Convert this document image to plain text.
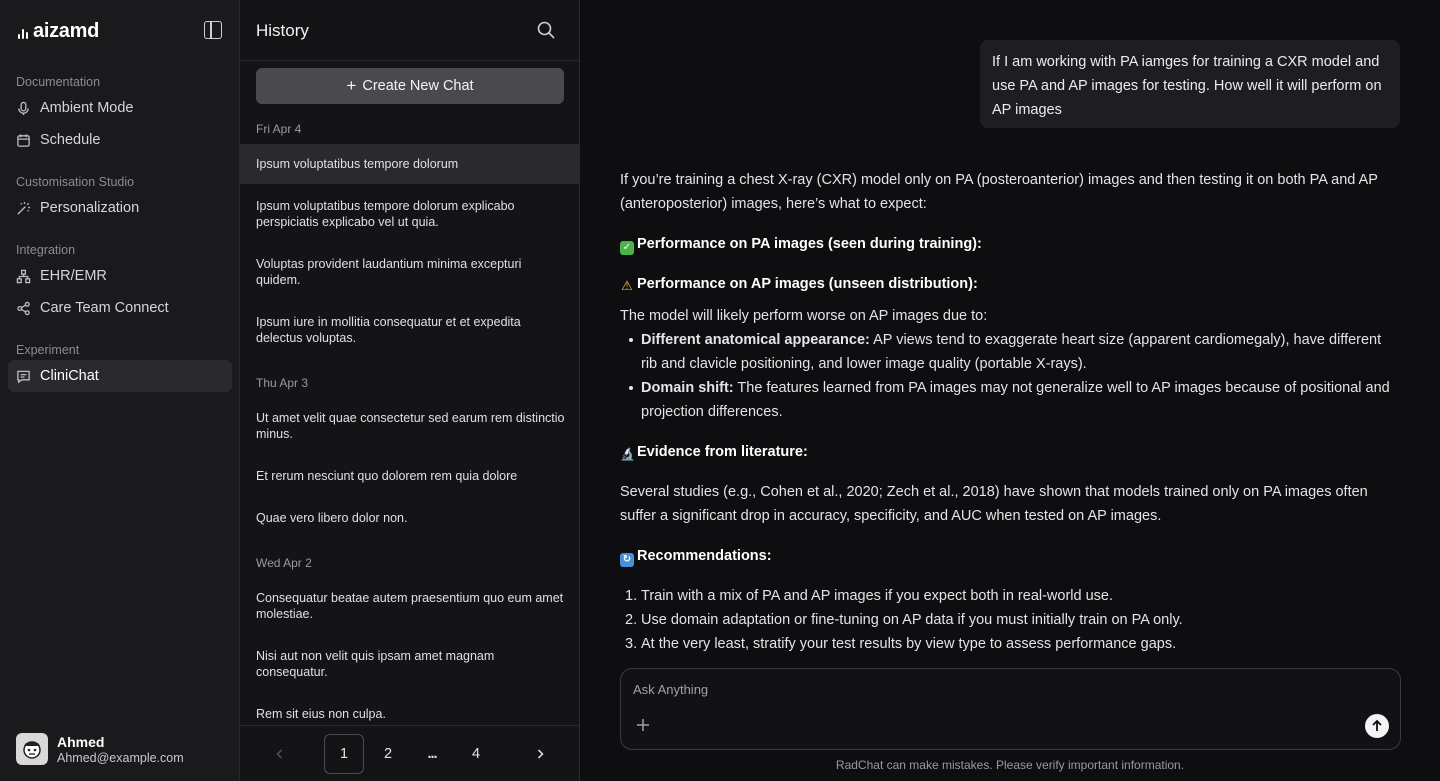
aizamd
Documentation
Ambient Mode
Schedule
Customisation Studio
Personalization
Integration
EHR/EMR
Care Team Connect
Experiment
CliniChat
Ahmed
Ahmed@example.com
History
+ Create New Chat
Fri Apr 4
Ipsum voluptatibus tempore dolorum
Ipsum voluptatibus tempore dolorum explicabo perspiciatis explicabo vel ut quia.
Voluptas provident laudantium minima excepturi quidem.
Ipsum iure in mollitia consequatur et et expedita delectus voluptas.
Thu Apr 3
Ut amet velit quae consectetur sed earum rem distinctio minus.
Et rerum nesciunt quo dolorem rem quia dolore
Quae vero libero dolor non.
Wed Apr 2
Consequatur beatae autem praesentium quo eum amet molestiae.
Nisi aut non velit quis ipsam amet magnam consequatur.
Rem sit eius non culpa.
1	2	...	4
If I am working with PA iamges for training a CXR model and use PA and AP images for testing. How well it will perform on AP images

If you’re training a chest X-ray (CXR) model only on PA (posteroanterior) images and then testing it on both PA and AP (anteroposterior) images, here’s what to expect:

✓ Performance on PA images (seen during training):

⚠ Performance on AP images (unseen distribution):

The model will likely perform worse on AP images due to:

Different anatomical appearance: AP views tend to exaggerate heart size (apparent cardiomegaly), have different rib and clavicle positioning, and lower image quality (portable X-rays).
Domain shift: The features learned from PA images may not generalize well to AP images because of positional and projection differences.

🔬 Evidence from literature:

Several studies (e.g., Cohen et al., 2020; Zech et al., 2018) have shown that models trained only on PA images often suffer a significant drop in accuracy, specificity, and AUC when tested on AP images.

↻ Recommendations:

1. Train with a mix of PA and AP images if you expect both in real-world use.
2. Use domain adaptation or fine-tuning on AP data if you must initially train on PA only.
3. At the very least, stratify your test results by view type to assess performance gaps.
Ask Anything
RadChat can make mistakes. Please verify important information.
